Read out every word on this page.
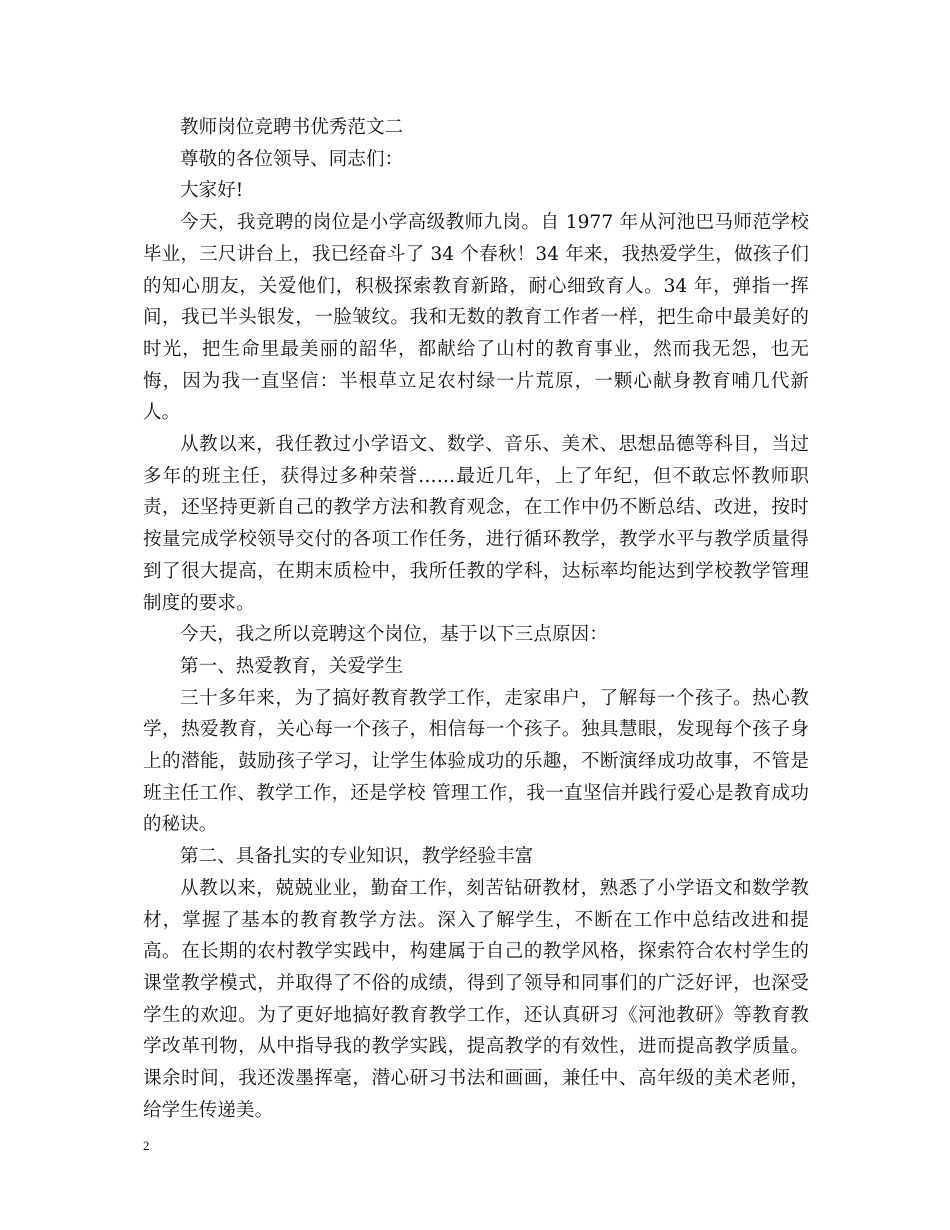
教师岗位竞聘书优秀范文二

尊敬的各位领导、同志们：

大家好!

今天，我竞聘的岗位是小学高级教师九岗。自 1977 年从河池巴马师范学校毕业，三尺讲台上，我已经奋斗了 34 个春秋！34 年来，我热爱学生，做孩子们的知心朋友，关爱他们，积极探索教育新路，耐心细致育人。34 年，弹指一挥间，我已半头银发，一脸皱纹。我和无数的教育工作者一样，把生命中最美好的时光，把生命里最美丽的韶华，都献给了山村的教育事业，然而我无怨，也无悔，因为我一直坚信：半根草立足农村绿一片荒原，一颗心献身教育哺几代新人。

从教以来，我任教过小学语文、数学、音乐、美术、思想品德等科目，当过多年的班主任，获得过多种荣誉……最近几年，上了年纪，但不敢忘怀教师职责，还坚持更新自己的教学方法和教育观念，在工作中仍不断总结、改进，按时按量完成学校领导交付的各项工作任务，进行循环教学，教学水平与教学质量得到了很大提高，在期末质检中，我所任教的学科，达标率均能达到学校教学管理制度的要求。

今天，我之所以竞聘这个岗位，基于以下三点原因：

第一、热爱教育，关爱学生

三十多年来，为了搞好教育教学工作，走家串户，了解每一个孩子。热心教学，热爱教育，关心每一个孩子，相信每一个孩子。独具慧眼，发现每个孩子身上的潜能，鼓励孩子学习，让学生体验成功的乐趣，不断演绎成功故事，不管是班主任工作、教学工作，还是学校 管理工作，我一直坚信并践行爱心是教育成功的秘诀。

第二、具备扎实的专业知识，教学经验丰富

从教以来，兢兢业业，勤奋工作，刻苦钻研教材，熟悉了小学语文和数学教材，掌握了基本的教育教学方法。深入了解学生，不断在工作中总结改进和提高。在长期的农村教学实践中，构建属于自己的教学风格，探索符合农村学生的课堂教学模式，并取得了不俗的成绩，得到了领导和同事们的广泛好评，也深受学生的欢迎。为了更好地搞好教育教学工作，还认真研习《河池教研》等教育教学改革刊物，从中指导我的教学实践，提高教学的有效性，进而提高教学质量。课余时间，我还泼墨挥毫，潜心研习书法和画画，兼任中、高年级的美术老师，给学生传递美。

2
